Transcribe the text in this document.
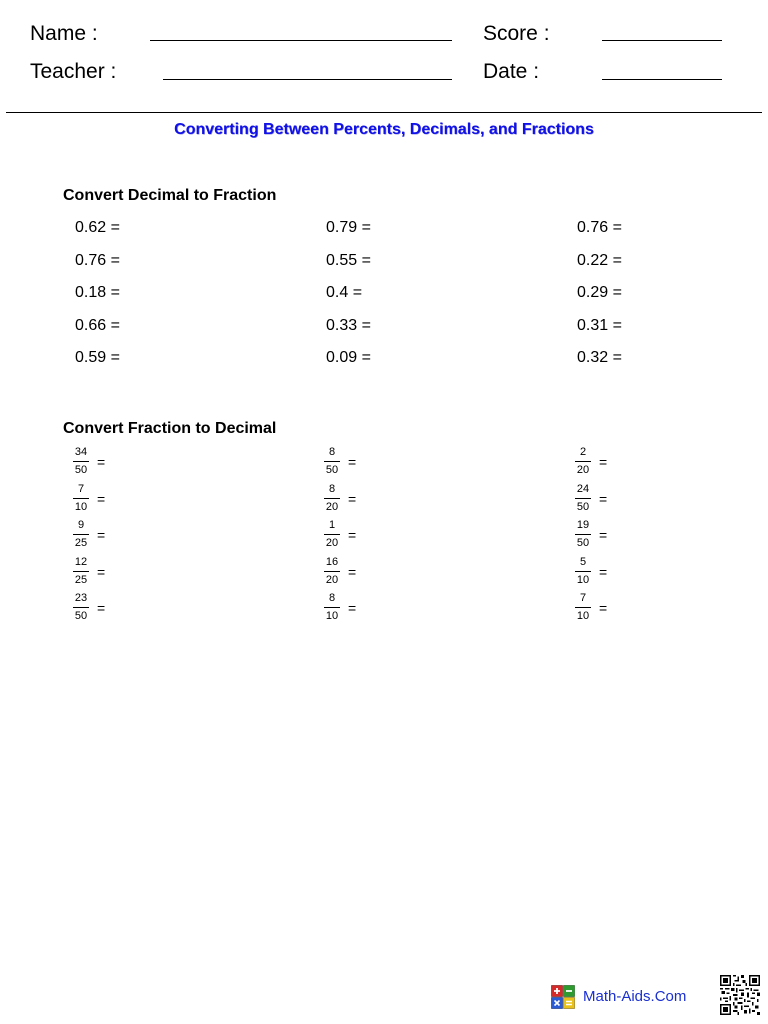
Name :
Teacher :
Score :
Date :
Converting Between Percents, Decimals, and Fractions
Convert Decimal to Fraction
0.62 =	0.79 =	0.76 =
0.76 =	0.55 =	0.22 =
0.18 =	0.4 =	0.29 =
0.66 =	0.33 =	0.31 =
0.59 =	0.09 =	0.32 =
Convert Fraction to Decimal
$\frac{34}{50}$ =	$\frac{8}{50}$ =	$\frac{2}{20}$ =
$\frac{7}{10}$ =	$\frac{8}{20}$ =	$\frac{24}{50}$ =
$\frac{9}{25}$ =	$\frac{1}{20}$ =	$\frac{19}{50}$ =
$\frac{12}{25}$ =	$\frac{16}{20}$ =	$\frac{5}{10}$ =
$\frac{23}{50}$ =	$\frac{8}{10}$ =	$\frac{7}{10}$ =
Math-Aids.Com
